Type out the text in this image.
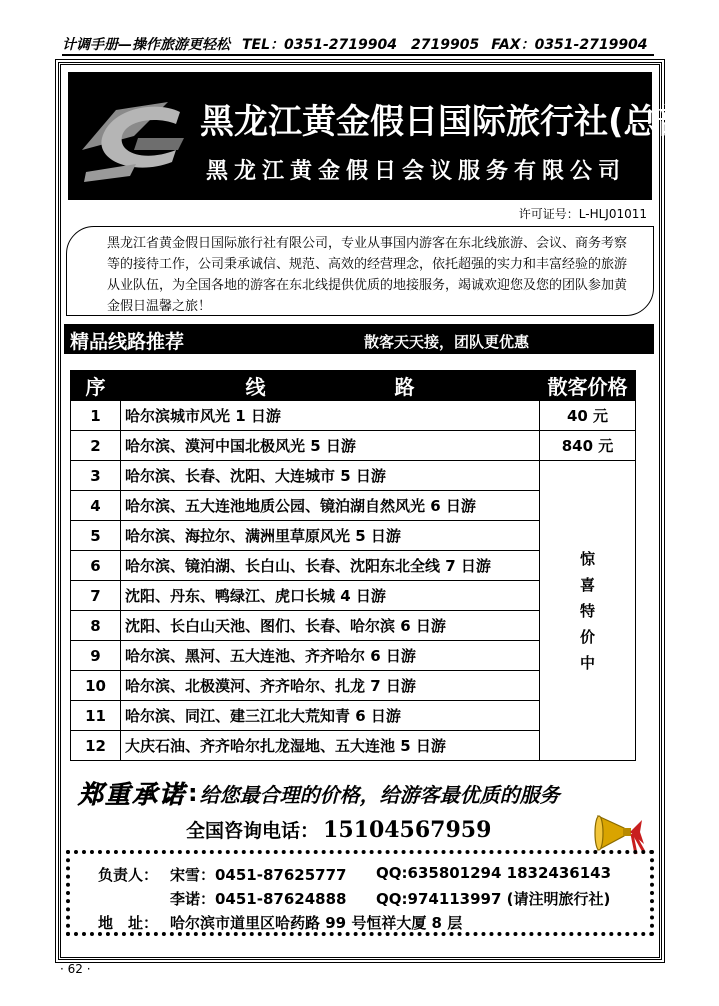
计调手册—操作旅游更轻松 TEL：0351-2719904　2719905 FAX：0351-2719904
黑龙江黄金假日国际旅行社(总部)
黑龙江黄金假日会议服务有限公司
许可证号：L-HLJ01011
黑龙江省黄金假日国际旅行社有限公司，专业从事国内游客在东北线旅游、会议、商务考察等的接待工作，公司秉承诚信、规范、高效的经营理念，依托超强的实力和丰富经验的旅游从业队伍，为全国各地的游客在东北线提供优质的地接服务，竭诚欢迎您及您的团队参加黄金假日温馨之旅！
精品线路推荐	散客天天接，团队更优惠
序	线 路	散客价格
1	哈尔滨城市风光 1 日游	40 元
2	哈尔滨、漠河中国北极风光 5 日游	840 元
3	哈尔滨、长春、沈阳、大连城市 5 日游	惊
喜
特
价
中

4	哈尔滨、五大连池地质公园、镜泊湖自然风光 6 日游	
5	哈尔滨、海拉尔、满洲里草原风光 5 日游	
6	哈尔滨、镜泊湖、长白山、长春、沈阳东北全线 7 日游	
7	沈阳、丹东、鸭绿江、虎口长城 4 日游	
8	沈阳、长白山天池、图们、长春、哈尔滨 6 日游	
9	哈尔滨、黑河、五大连池、齐齐哈尔 6 日游	
10	哈尔滨、北极漠河、齐齐哈尔、扎龙 7 日游	
11	哈尔滨、同江、建三江北大荒知青 6 日游	
12	大庆石油、齐齐哈尔扎龙湿地、五大连池 5 日游	
郑重承诺 : 给您最合理的价格，给游客最优质的服务
全国咨询电话： 15104567959
负责人： 宋雪：0451-87625777 QQ:635801294 1832436143
李诺：0451-87624888 QQ:974113997 (请注明旅行社)
地　址： 哈尔滨市道里区哈药路 99 号恒祥大厦 8 层
· 62 ·
